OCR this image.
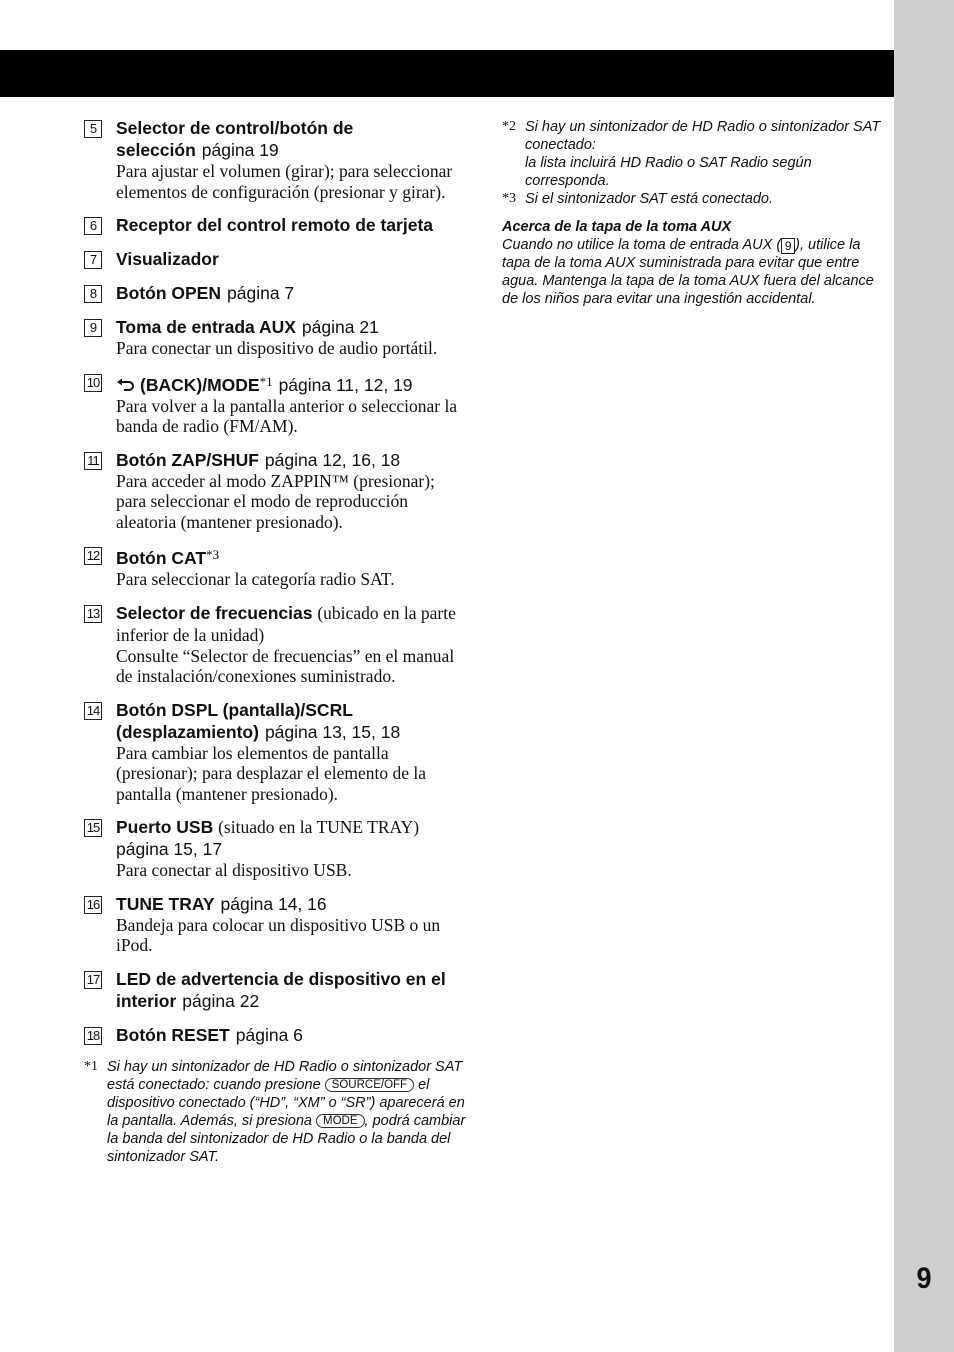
9
5	Selector de control/botón de selección página 19
Para ajustar el volumen (girar); para seleccionar elementos de configuración (presionar y girar).
6	Receptor del control remoto de tarjeta
7	Visualizador
8	Botón OPEN página 7
9	Toma de entrada AUX página 21
Para conectar un dispositivo de audio portátil.
10	(BACK)/MODE$^{*1}$ página 11, 12, 19
Para volver a la pantalla anterior o seleccionar la banda de radio (FM/AM).
11 Botón ZAP/SHUF página 12, 16, 18
Para acceder al modo ZAPPIN™ (presionar); para seleccionar el modo de reproducción aleatoria (mantener presionado).
12 Botón CAT$^{*3}$
Para seleccionar la categoría radio SAT.
13 Selector de frecuencias (ubicado en la parte inferior de la unidad)
Consulte “Selector de frecuencias” en el manual de instalación/conexiones suministrado.
14 Botón DSPL (pantalla)/SCRL (desplazamiento) página 13, 15, 18
Para cambiar los elementos de pantalla (presionar); para desplazar el elemento de la pantalla (mantener presionado).
15 Puerto USB (situado en la TUNE TRAY)
página 15, 17
Para conectar al dispositivo USB.
16 TUNE TRAY página 14, 16
Bandeja para colocar un dispositivo USB o un iPod.
17 LED de advertencia de dispositivo en el interior página 22
18 Botón RESET página 6
*1 Si hay un sintonizador de HD Radio o sintonizador SAT está conectado: cuando presione SOURCE/OFF el dispositivo conectado (“HD”, “XM” o “SR”) aparecerá en la pantalla. Además, si presiona MODE , podrá cambiar la banda del sintonizador de HD Radio o la banda del sintonizador SAT.
*2 Si hay un sintonizador de HD Radio o sintonizador SAT conectado:
la lista incluirá HD Radio o SAT Radio según corresponda.
*3 Si el sintonizador SAT está conectado.
Acerca de la tapa de la toma AUX
Cuando no utilice la toma de entrada AUX ( 9 ), utilice la tapa de la toma AUX suministrada para evitar que entre agua. Mantenga la tapa de la toma AUX fuera del alcance de los niños para evitar una ingestión accidental.
